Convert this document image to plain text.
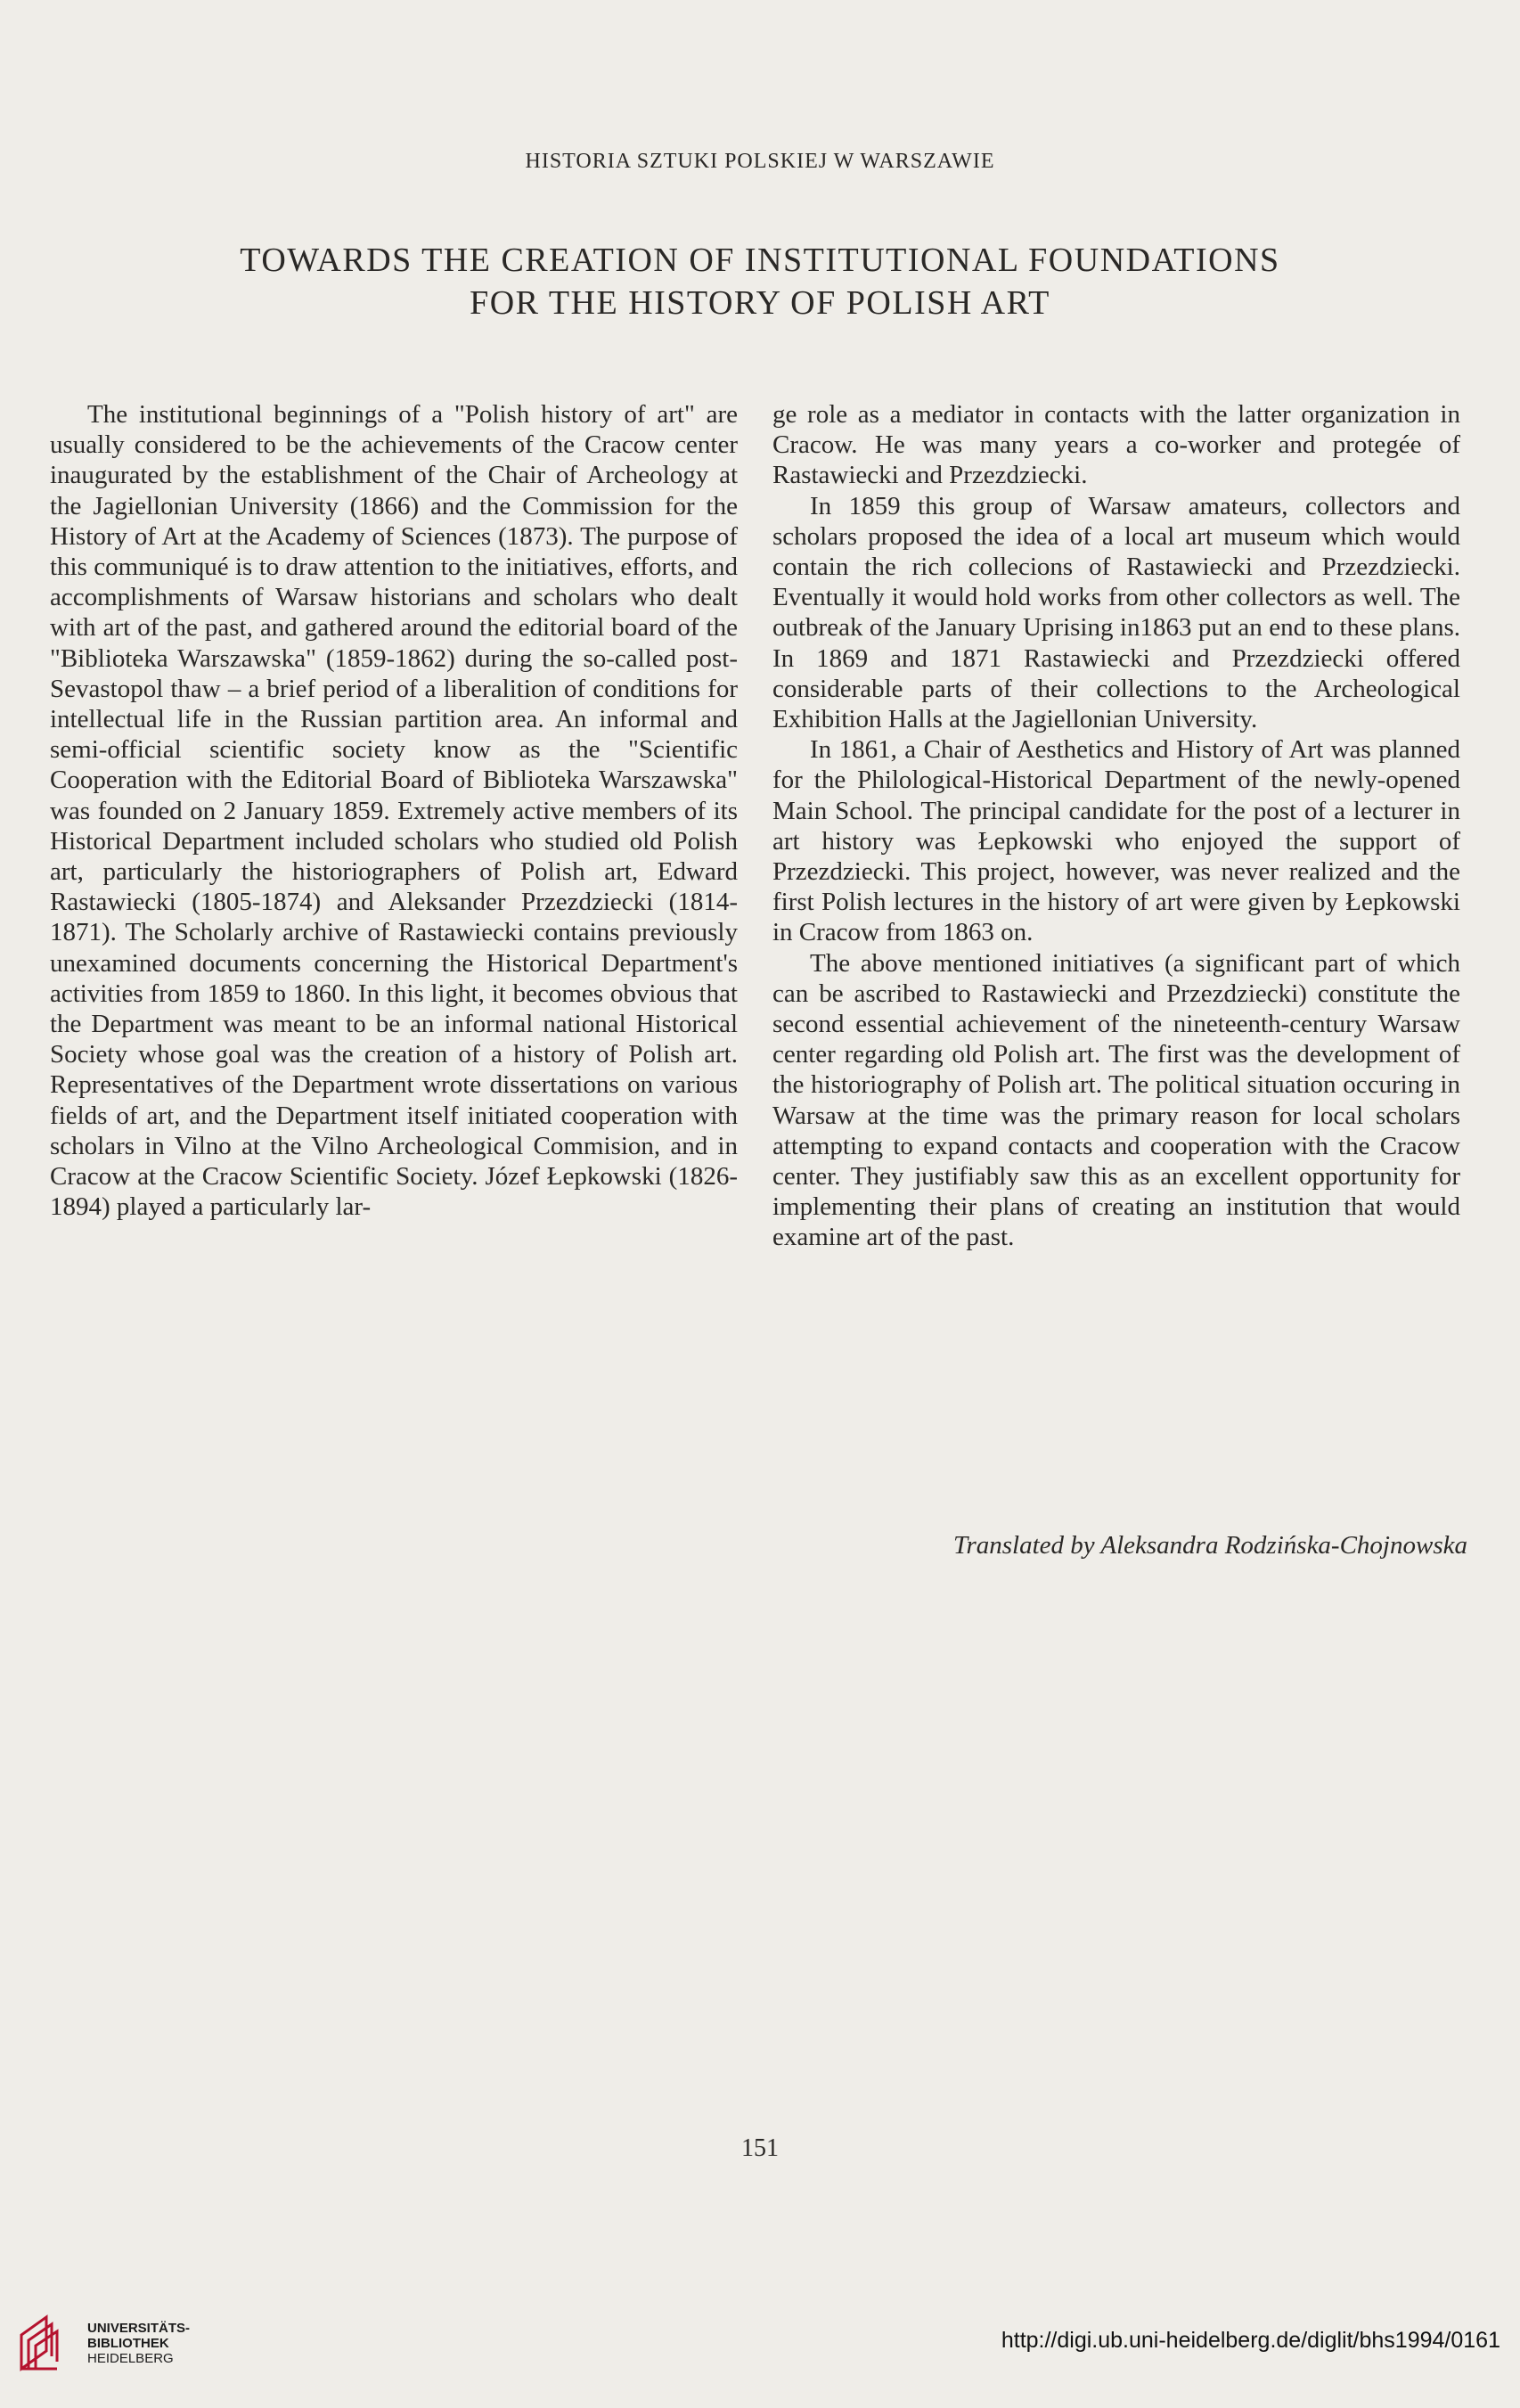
HISTORIA SZTUKI POLSKIEJ W WARSZAWIE
TOWARDS THE CREATION OF INSTITUTIONAL FOUNDATIONS
FOR THE HISTORY OF POLISH ART

The institutional beginnings of a "Polish history of art" are usually considered to be the achievements of the Cracow center inaugurated by the establishment of the Chair of Archeology at the Jagiellonian University (1866) and the Commission for the History of Art at the Academy of Sciences (1873). The purpose of this communiqué is to draw attention to the initiatives, efforts, and accomplishments of Warsaw historians and scholars who dealt with art of the past, and gathered around the editorial board of the "Biblioteka Warszawska" (1859-1862) during the so-called post-Sevastopol thaw – a brief period of a liberalition of conditions for intellectual life in the Russian partition area. An informal and semi-official scientific society know as the "Scientific Cooperation with the Editorial Board of Biblioteka Warszawska" was founded on 2 January 1859. Extremely active members of its Historical Department included scholars who studied old Polish art, particularly the historiographers of Polish art, Edward Rastawiecki (1805-1874) and Aleksander Przezdziecki (1814-1871). The Scholarly archive of Rastawiecki contains previously unexamined documents concerning the Historical Department's activities from 1859 to 1860. In this light, it becomes obvious that the Department was meant to be an informal national Historical Society whose goal was the creation of a history of Polish art. Representatives of the Department wrote dissertations on various fields of art, and the Department itself initiated cooperation with scholars in Vilno at the Vilno Archeological Commision, and in Cracow at the Cracow Scientific Society. Józef Łepkowski (1826-1894) played a particularly lar-

ge role as a mediator in contacts with the latter organization in Cracow. He was many years a co-worker and protegée of Rastawiecki and Przezdziecki.

In 1859 this group of Warsaw amateurs, collectors and scholars proposed the idea of a local art museum which would contain the rich collecions of Rastawiecki and Przezdziecki. Eventually it would hold works from other collectors as well. The outbreak of the January Uprising in1863 put an end to these plans. In 1869 and 1871 Rastawiecki and Przezdziecki offered considerable parts of their collections to the Archeological Exhibition Halls at the Jagiellonian University.

In 1861, a Chair of Aesthetics and History of Art was planned for the Philological-Historical Department of the newly-opened Main School. The principal candidate for the post of a lecturer in art history was Łepkowski who enjoyed the support of Przezdziecki. This project, however, was never realized and the first Polish lectures in the history of art were given by Łepkowski in Cracow from 1863 on.

The above mentioned initiatives (a significant part of which can be ascribed to Rastawiecki and Przezdziecki) constitute the second essential achievement of the nineteenth-century Warsaw center regarding old Polish art. The first was the development of the historiography of Polish art. The political situation occuring in Warsaw at the time was the primary reason for local scholars attempting to expand contacts and cooperation with the Cracow center. They justifiably saw this as an excellent opportunity for implementing their plans of creating an institution that would examine art of the past.

Translated by Aleksandra Rodzińska-Chojnowska
151
UNIVERSITÄTS-
BIBLIOTHEK
HEIDELBERG
http://digi.ub.uni-heidelberg.de/diglit/bhs1994/0161
